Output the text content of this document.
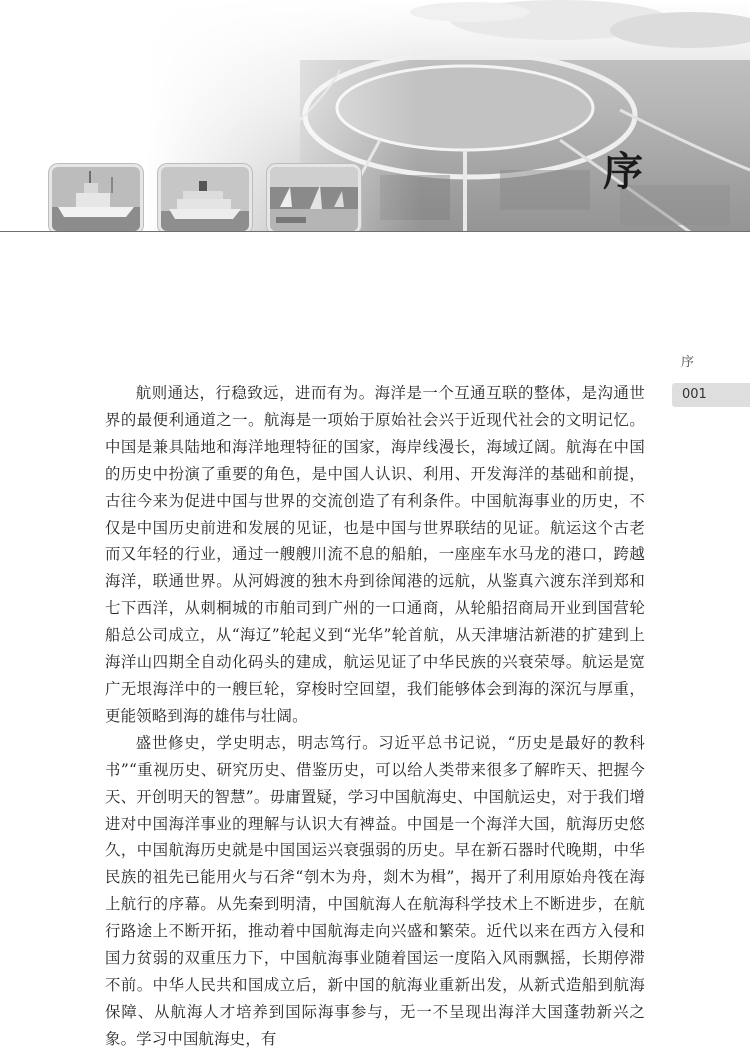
序
序
001

航则通达，行稳致远，进而有为。海洋是一个互通互联的整体，是沟通世界的最便利通道之一。航海是一项始于原始社会兴于近现代社会的文明记忆。中国是兼具陆地和海洋地理特征的国家，海岸线漫长，海域辽阔。航海在中国的历史中扮演了重要的角色，是中国人认识、利用、开发海洋的基础和前提，古往今来为促进中国与世界的交流创造了有利条件。中国航海事业的历史，不仅是中国历史前进和发展的见证，也是中国与世界联结的见证。航运这个古老而又年轻的行业，通过一艘艘川流不息的船舶，一座座车水马龙的港口，跨越海洋，联通世界。从河姆渡的独木舟到徐闻港的远航，从鉴真六渡东洋到郑和七下西洋，从刺桐城的市舶司到广州的一口通商，从轮船招商局开业到国营轮船总公司成立，从“海辽”轮起义到“光华”轮首航，从天津塘沽新港的扩建到上海洋山四期全自动化码头的建成，航运见证了中华民族的兴衰荣辱。航运是宽广无垠海洋中的一艘巨轮，穿梭时空回望，我们能够体会到海的深沉与厚重，更能领略到海的雄伟与壮阔。

盛世修史，学史明志，明志笃行。习近平总书记说，“历史是最好的教科书”“重视历史、研究历史、借鉴历史，可以给人类带来很多了解昨天、把握今天、开创明天的智慧”。毋庸置疑，学习中国航海史、中国航运史，对于我们增进对中国海洋事业的理解与认识大有裨益。中国是一个海洋大国，航海历史悠久，中国航海历史就是中国国运兴衰强弱的历史。早在新石器时代晚期，中华民族的祖先已能用火与石斧“刳木为舟，剡木为楫”，揭开了利用原始舟筏在海上航行的序幕。从先秦到明清，中国航海人在航海科学技术上不断进步，在航行路途上不断开拓，推动着中国航海走向兴盛和繁荣。近代以来在西方入侵和国力贫弱的双重压力下，中国航海事业随着国运一度陷入风雨飘摇，长期停滞不前。中华人民共和国成立后，新中国的航海业重新出发，从新式造船到航海保障、从航海人才培养到国际海事参与，无一不呈现出海洋大国蓬勃新兴之象。学习中国航海史，有
